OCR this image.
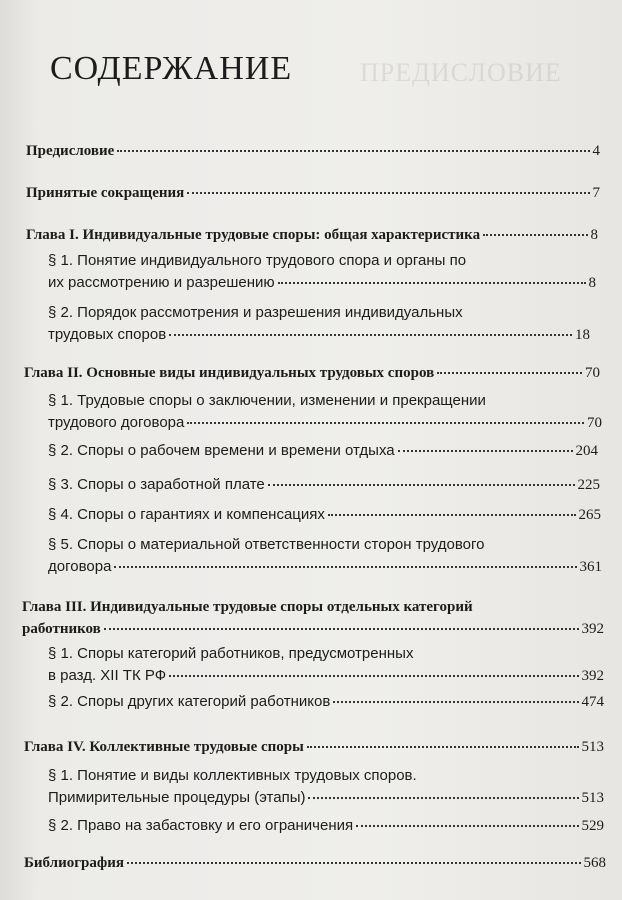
ПРЕДИСЛОВИЕ
СОДЕРЖАНИЕ
Предисловие	4
Принятые сокращения	7
Глава I. Индивидуальные трудовые споры: общая характеристика	8
§ 1. Понятие индивидуального трудового спора и органы по
их рассмотрению и разрешению	8
§ 2. Порядок рассмотрения и разрешения индивидуальных
трудовых споров	18
Глава II. Основные виды индивидуальных трудовых споров	70
§ 1. Трудовые споры о заключении, изменении и прекращении
трудового договора	70
§ 2. Споры о рабочем времени и времени отдыха	204
§ 3. Споры о заработной плате	225
§ 4. Споры о гарантиях и компенсациях	265
§ 5. Споры о материальной ответственности сторон трудового
договора	361
Глава III. Индивидуальные трудовые споры отдельных категорий
работников	392
§ 1. Споры категорий работников, предусмотренных
в разд. XII ТК РФ	392
§ 2. Споры других категорий работников	474
Глава IV. Коллективные трудовые споры	513
§ 1. Понятие и виды коллективных трудовых споров.
Примирительные процедуры (этапы)	513
§ 2. Право на забастовку и его ограничения	529
Библиография	568
